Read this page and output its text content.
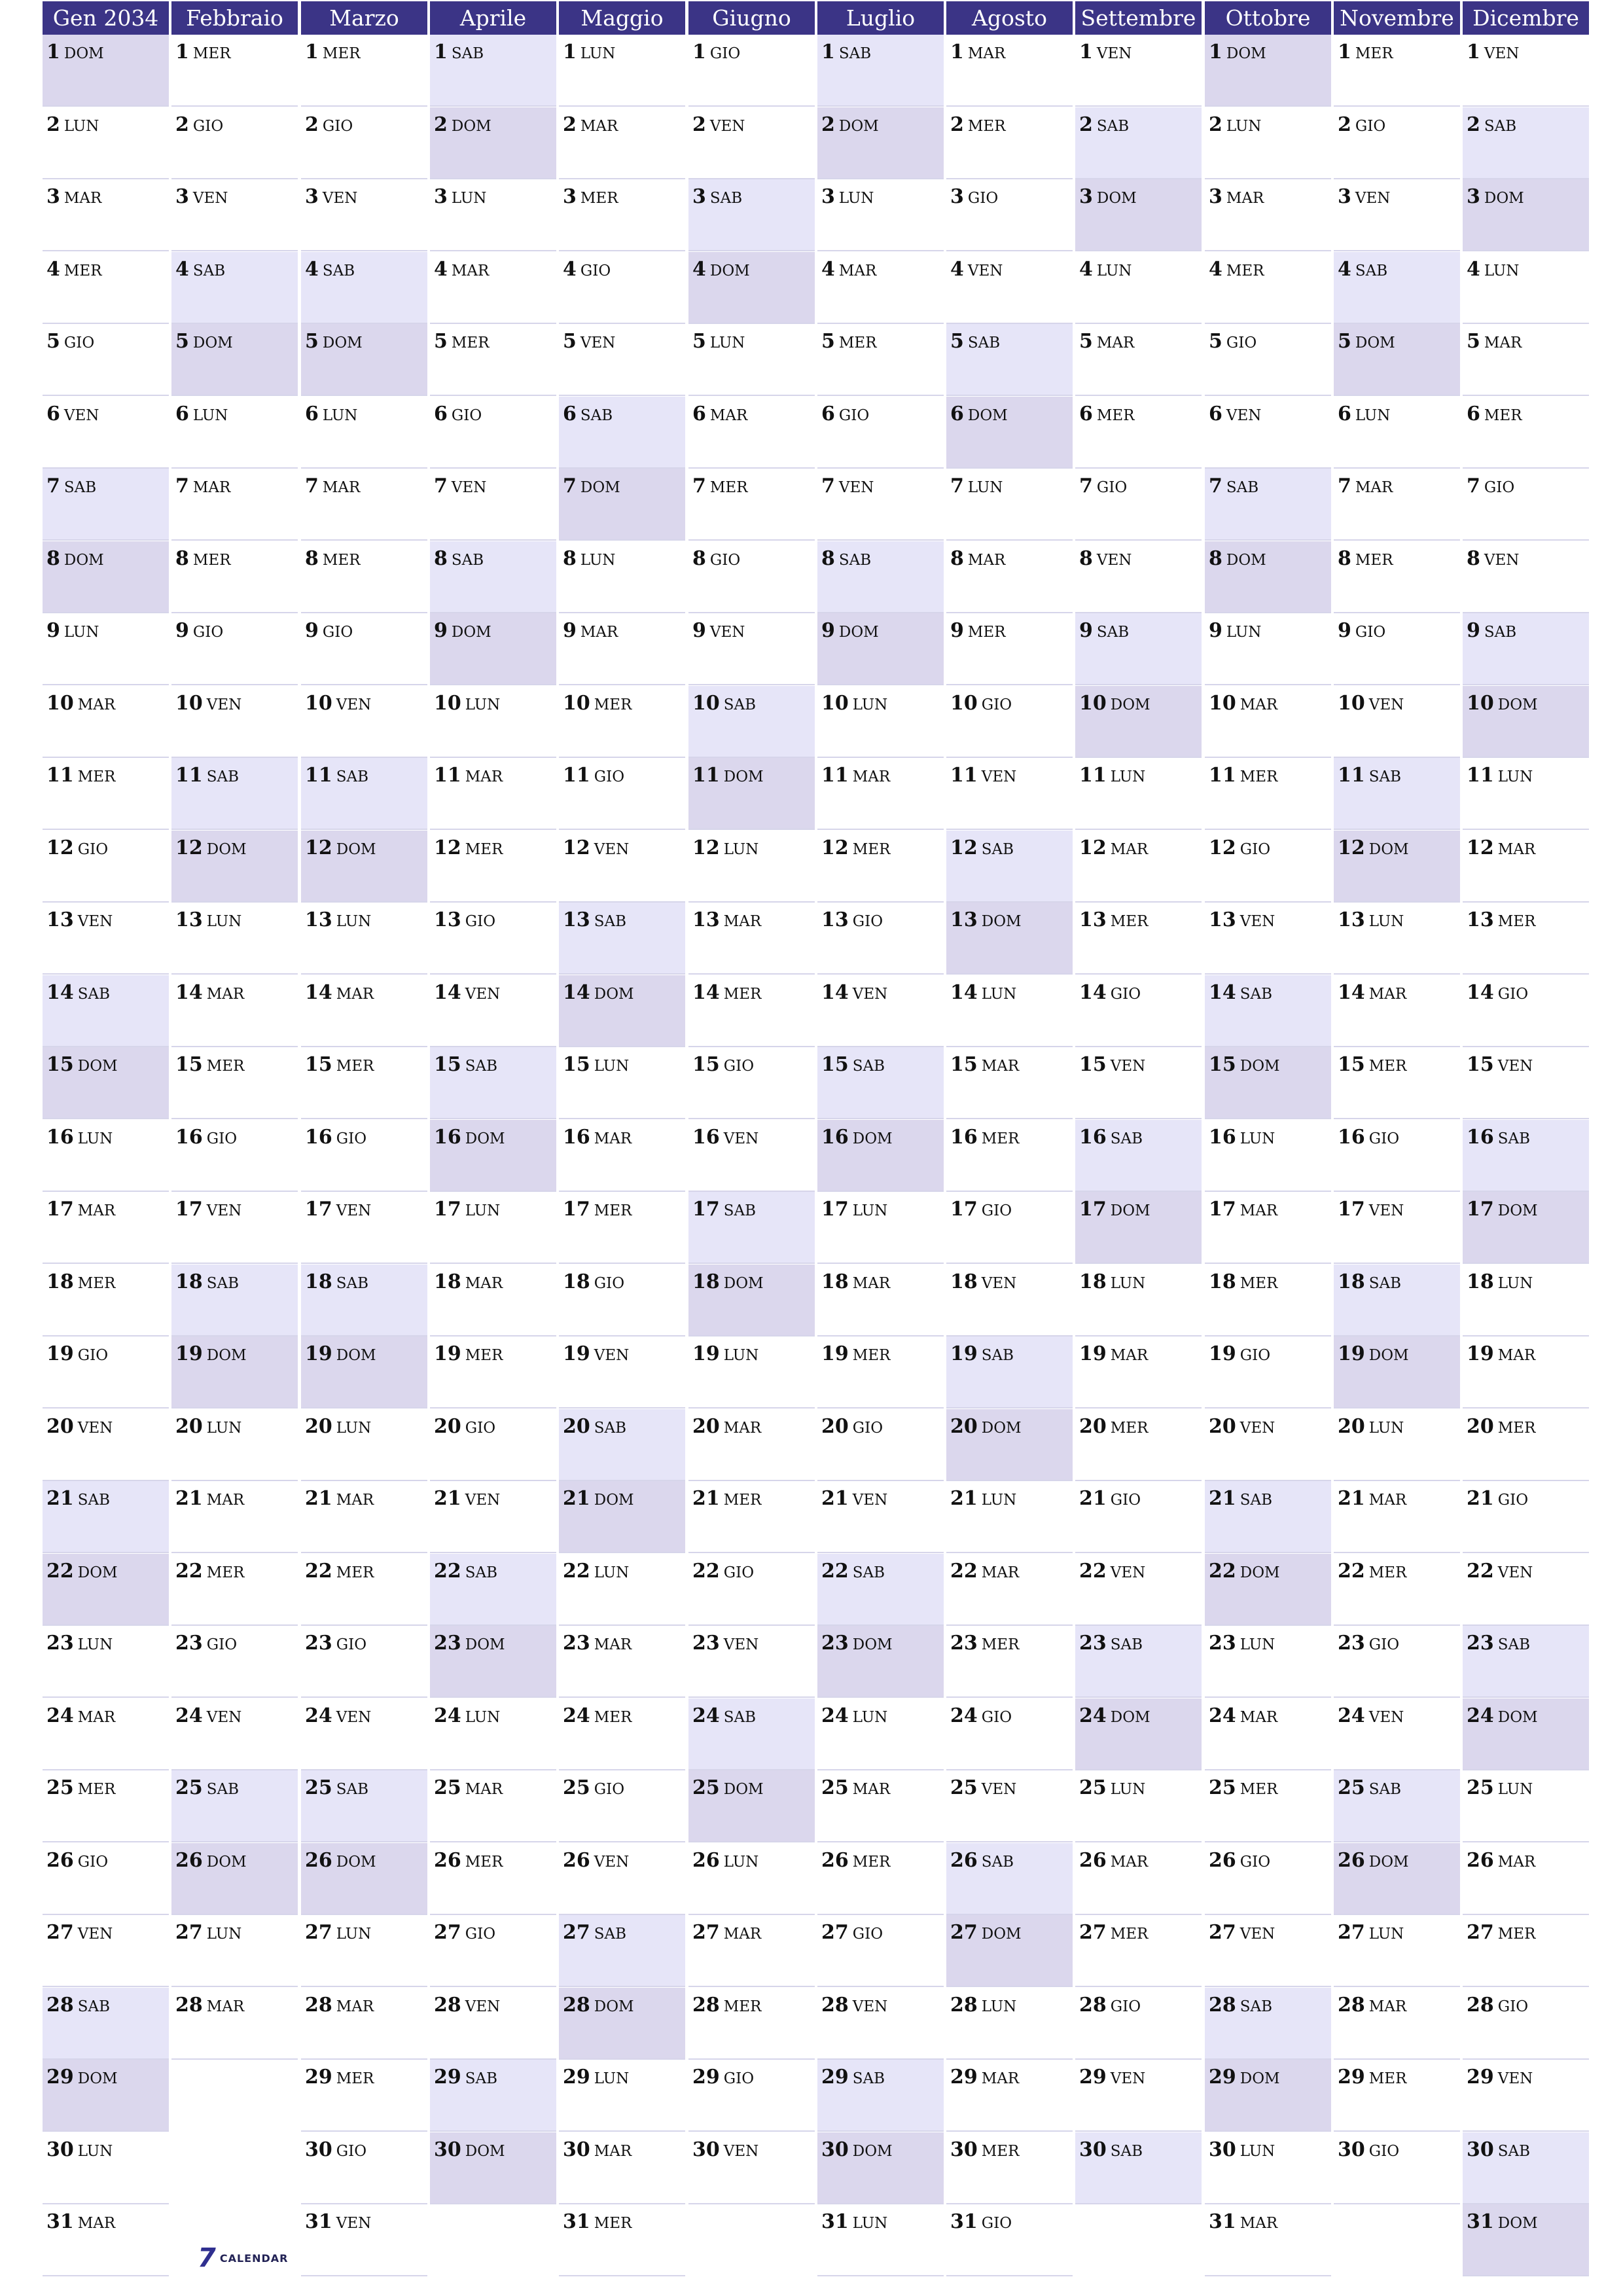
Gen 2034
1 DOM
2 LUN
3 MAR
4 MER
5 GIO
6 VEN
7 SAB
8 DOM
9 LUN
10 MAR
11 MER
12 GIO
13 VEN
14 SAB
15 DOM
16 LUN
17 MAR
18 MER
19 GIO
20 VEN
21 SAB
22 DOM
23 LUN
24 MAR
25 MER
26 GIO
27 VEN
28 SAB
29 DOM
30 LUN
31 MAR
Febbraio
1 MER
2 GIO
3 VEN
4 SAB
5 DOM
6 LUN
7 MAR
8 MER
9 GIO
10 VEN
11 SAB
12 DOM
13 LUN
14 MAR
15 MER
16 GIO
17 VEN
18 SAB
19 DOM
20 LUN
21 MAR
22 MER
23 GIO
24 VEN
25 SAB
26 DOM
27 LUN
28 MAR
Marzo
1 MER
2 GIO
3 VEN
4 SAB
5 DOM
6 LUN
7 MAR
8 MER
9 GIO
10 VEN
11 SAB
12 DOM
13 LUN
14 MAR
15 MER
16 GIO
17 VEN
18 SAB
19 DOM
20 LUN
21 MAR
22 MER
23 GIO
24 VEN
25 SAB
26 DOM
27 LUN
28 MAR
29 MER
30 GIO
31 VEN
Aprile
1 SAB
2 DOM
3 LUN
4 MAR
5 MER
6 GIO
7 VEN
8 SAB
9 DOM
10 LUN
11 MAR
12 MER
13 GIO
14 VEN
15 SAB
16 DOM
17 LUN
18 MAR
19 MER
20 GIO
21 VEN
22 SAB
23 DOM
24 LUN
25 MAR
26 MER
27 GIO
28 VEN
29 SAB
30 DOM
Maggio
1 LUN
2 MAR
3 MER
4 GIO
5 VEN
6 SAB
7 DOM
8 LUN
9 MAR
10 MER
11 GIO
12 VEN
13 SAB
14 DOM
15 LUN
16 MAR
17 MER
18 GIO
19 VEN
20 SAB
21 DOM
22 LUN
23 MAR
24 MER
25 GIO
26 VEN
27 SAB
28 DOM
29 LUN
30 MAR
31 MER
Giugno
1 GIO
2 VEN
3 SAB
4 DOM
5 LUN
6 MAR
7 MER
8 GIO
9 VEN
10 SAB
11 DOM
12 LUN
13 MAR
14 MER
15 GIO
16 VEN
17 SAB
18 DOM
19 LUN
20 MAR
21 MER
22 GIO
23 VEN
24 SAB
25 DOM
26 LUN
27 MAR
28 MER
29 GIO
30 VEN
Luglio
1 SAB
2 DOM
3 LUN
4 MAR
5 MER
6 GIO
7 VEN
8 SAB
9 DOM
10 LUN
11 MAR
12 MER
13 GIO
14 VEN
15 SAB
16 DOM
17 LUN
18 MAR
19 MER
20 GIO
21 VEN
22 SAB
23 DOM
24 LUN
25 MAR
26 MER
27 GIO
28 VEN
29 SAB
30 DOM
31 LUN
Agosto
1 MAR
2 MER
3 GIO
4 VEN
5 SAB
6 DOM
7 LUN
8 MAR
9 MER
10 GIO
11 VEN
12 SAB
13 DOM
14 LUN
15 MAR
16 MER
17 GIO
18 VEN
19 SAB
20 DOM
21 LUN
22 MAR
23 MER
24 GIO
25 VEN
26 SAB
27 DOM
28 LUN
29 MAR
30 MER
31 GIO
Settembre
1 VEN
2 SAB
3 DOM
4 LUN
5 MAR
6 MER
7 GIO
8 VEN
9 SAB
10 DOM
11 LUN
12 MAR
13 MER
14 GIO
15 VEN
16 SAB
17 DOM
18 LUN
19 MAR
20 MER
21 GIO
22 VEN
23 SAB
24 DOM
25 LUN
26 MAR
27 MER
28 GIO
29 VEN
30 SAB
Ottobre
1 DOM
2 LUN
3 MAR
4 MER
5 GIO
6 VEN
7 SAB
8 DOM
9 LUN
10 MAR
11 MER
12 GIO
13 VEN
14 SAB
15 DOM
16 LUN
17 MAR
18 MER
19 GIO
20 VEN
21 SAB
22 DOM
23 LUN
24 MAR
25 MER
26 GIO
27 VEN
28 SAB
29 DOM
30 LUN
31 MAR
Novembre
1 MER
2 GIO
3 VEN
4 SAB
5 DOM
6 LUN
7 MAR
8 MER
9 GIO
10 VEN
11 SAB
12 DOM
13 LUN
14 MAR
15 MER
16 GIO
17 VEN
18 SAB
19 DOM
20 LUN
21 MAR
22 MER
23 GIO
24 VEN
25 SAB
26 DOM
27 LUN
28 MAR
29 MER
30 GIO
Dicembre
1 VEN
2 SAB
3 DOM
4 LUN
5 MAR
6 MER
7 GIO
8 VEN
9 SAB
10 DOM
11 LUN
12 MAR
13 MER
14 GIO
15 VEN
16 SAB
17 DOM
18 LUN
19 MAR
20 MER
21 GIO
22 VEN
23 SAB
24 DOM
25 LUN
26 MAR
27 MER
28 GIO
29 VEN
30 SAB
31 DOM
7 CALENDAR
